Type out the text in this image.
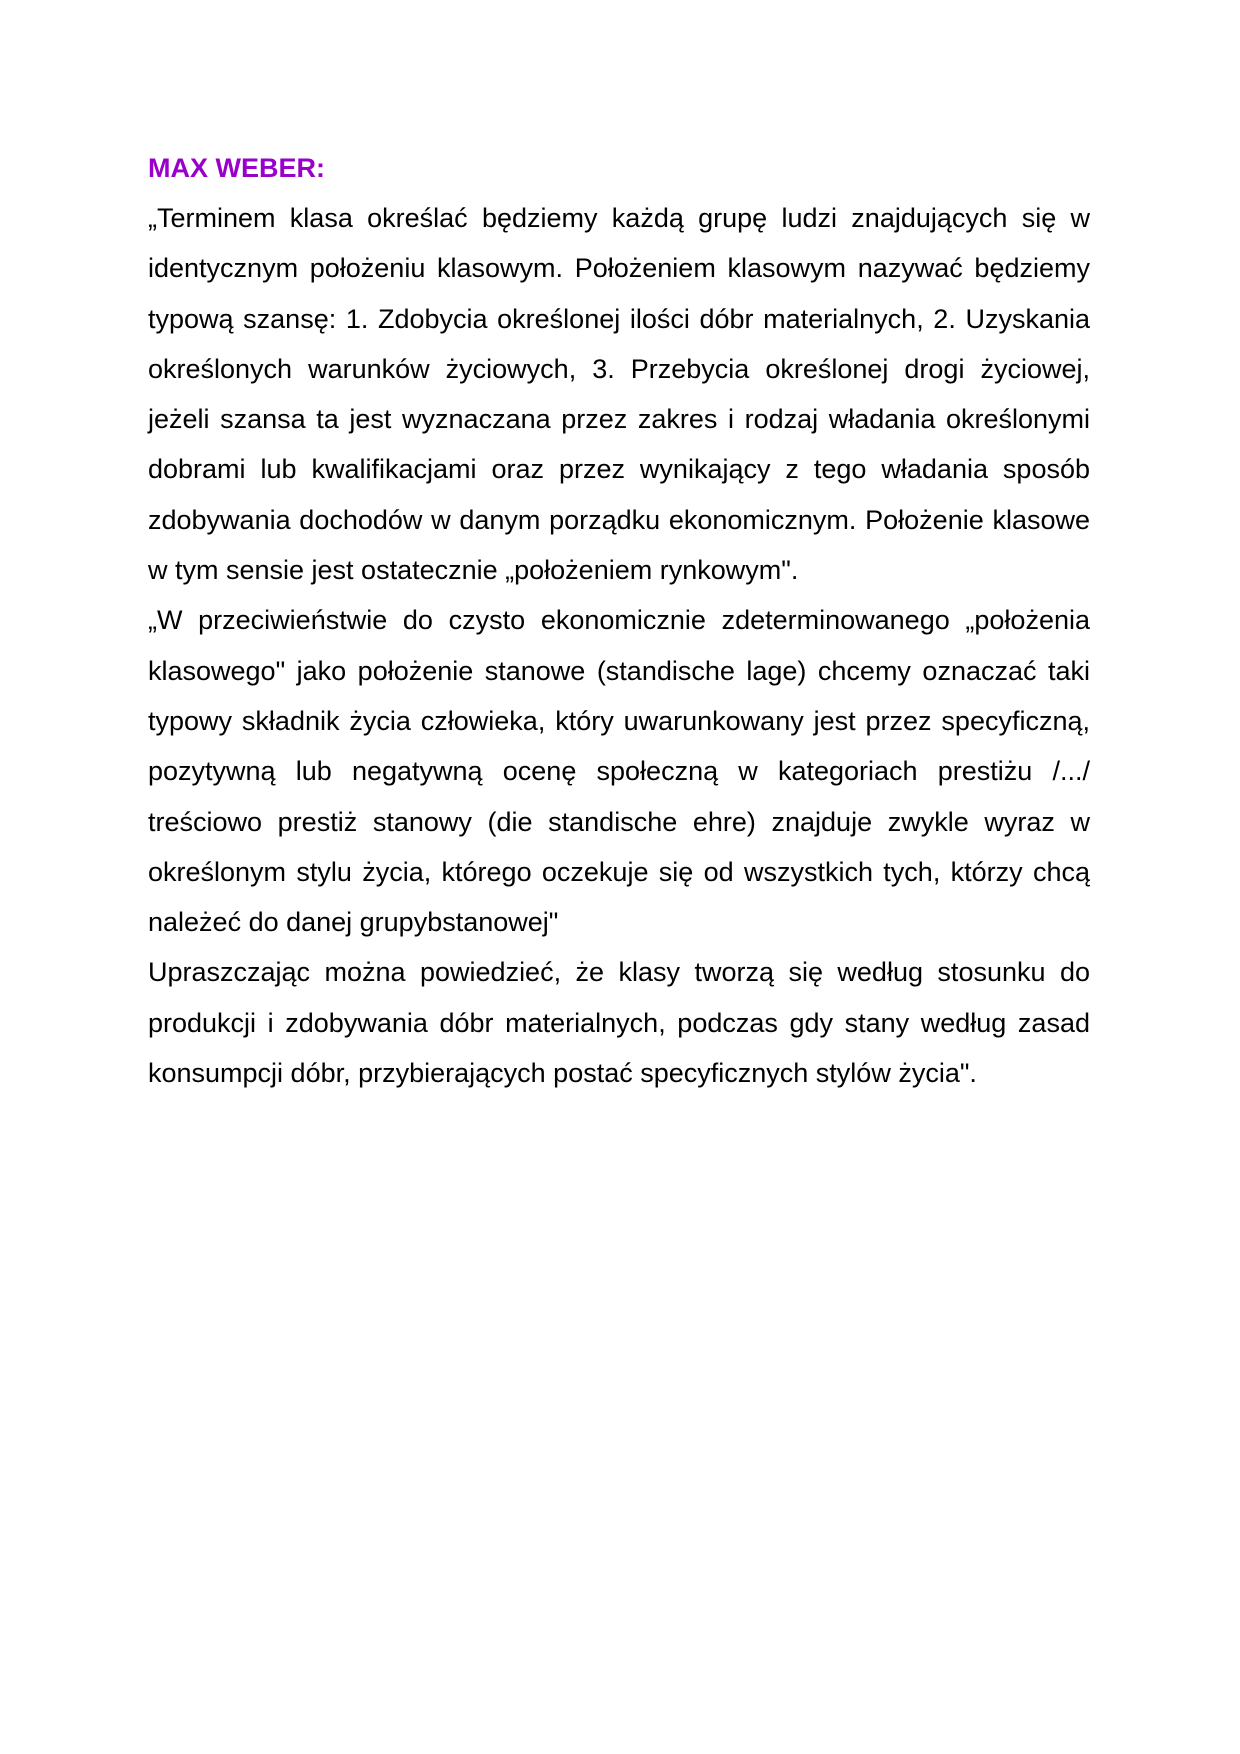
MAX WEBER:

„Terminem klasa określać będziemy każdą grupę ludzi znajdujących się w identycznym położeniu klasowym. Położeniem klasowym nazywać będziemy typową szansę: 1. Zdobycia określonej ilości dóbr materialnych, 2. Uzyskania określonych warunków życiowych, 3. Przebycia określonej drogi życiowej, jeżeli szansa ta jest wyznaczana przez zakres i rodzaj władania określonymi dobrami lub kwalifikacjami oraz przez wynikający z tego władania sposób zdobywania dochodów w danym porządku ekonomicznym. Położenie klasowe w tym sensie jest ostatecznie „położeniem rynkowym".

„W przeciwieństwie do czysto ekonomicznie zdeterminowanego „położenia klasowego" jako położenie stanowe (standische lage) chcemy oznaczać taki typowy składnik życia człowieka, który uwarunkowany jest przez specyficzną, pozytywną lub negatywną ocenę społeczną w kategoriach prestiżu /.../ treściowo prestiż stanowy (die standische ehre) znajduje zwykle wyraz w określonym stylu życia, którego oczekuje się od wszystkich tych, którzy chcą należeć do danej grupybstanowej"

Upraszczając można powiedzieć, że klasy tworzą się według stosunku do produkcji i zdobywania dóbr materialnych, podczas gdy stany według zasad konsumpcji dóbr, przybierających postać specyficznych stylów życia".
